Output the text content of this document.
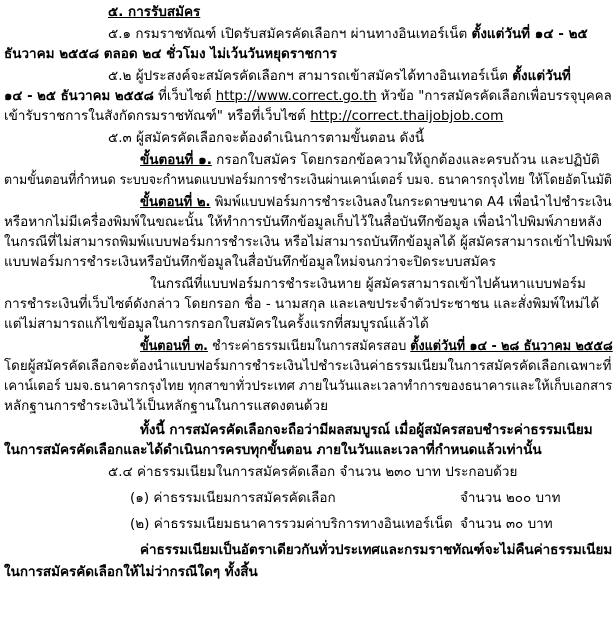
๕. การรับสมัคร
๕.๑ กรมราชทัณฑ์ เปิดรับสมัครคัดเลือกฯ ผ่านทางอินเทอร์เน็ต ตั้งแต่วันที่ ๑๔ - ๒๕
ธันวาคม ๒๕๕๘ ตลอด ๒๔ ชั่วโมง ไม่เว้นวันหยุดราชการ
๕.๒ ผู้ประสงค์จะสมัครคัดเลือกฯ สามารถเข้าสมัครได้ทางอินเทอร์เน็ต ตั้งแต่วันที่
๑๔ - ๒๕ ธันวาคม ๒๕๕๘ ที่เว็บไซต์ http://www.correct.go.th หัวข้อ "การสมัครคัดเลือกเพื่อบรรจุบุคคล
เข้ารับราชการในสังกัดกรมราชทัณฑ์" หรือที่เว็บไซต์ http://correct.thaijobjob.com
๕.๓ ผู้สมัครคัดเลือกจะต้องดำเนินการตามขั้นตอน ดังนี้
ขั้นตอนที่ ๑. กรอกใบสมัคร โดยกรอกข้อความให้ถูกต้องและครบถ้วน และปฏิบัติ
ตามขั้นตอนที่กำหนด ระบบจะกำหนดแบบฟอร์มการชำระเงินผ่านเคาน์เตอร์ บมจ. ธนาคารกรุงไทย ให้โดยอัตโนมัติ
ขั้นตอนที่ ๒. พิมพ์แบบฟอร์มการชำระเงินลงในกระดาษขนาด A4 เพื่อนำไปชำระเงิน
หรือหากไม่มีเครื่องพิมพ์ในขณะนั้น ให้ทำการบันทึกข้อมูลเก็บไว้ในสื่อบันทึกข้อมูล เพื่อนำไปพิมพ์ภายหลัง
ในกรณีที่ไม่สามารถพิมพ์แบบฟอร์มการชำระเงิน หรือไม่สามารถบันทึกข้อมูลได้ ผู้สมัครสามารถเข้าไปพิมพ์
แบบฟอร์มการชำระเงินหรือบันทึกข้อมูลในสื่อบันทึกข้อมูลใหม่จนกว่าจะปิดระบบสมัคร
ในกรณีที่แบบฟอร์มการชำระเงินหาย ผู้สมัครสามารถเข้าไปค้นหาแบบฟอร์ม
การชำระเงินที่เว็บไซต์ดังกล่าว โดยกรอก ชื่อ - นามสกุล และเลขประจำตัวประชาชน และสั่งพิมพ์ใหม่ได้
แต่ไม่สามารถแก้ไขข้อมูลในการกรอกใบสมัครในครั้งแรกที่สมบูรณ์แล้วได้
ขั้นตอนที่ ๓. ชำระค่าธรรมเนียมในการสมัครสอบ ตั้งแต่วันที่ ๑๔ - ๒๘ ธันวาคม ๒๕๕๘
โดยผู้สมัครคัดเลือกจะต้องนำแบบฟอร์มการชำระเงินไปชำระเงินค่าธรรมเนียมในการสมัครคัดเลือกเฉพาะที่
เคาน์เตอร์ บมจ.ธนาคารกรุงไทย ทุกสาขาทั่วประเทศ ภายในวันและเวลาทำการของธนาคารและให้เก็บเอกสาร
หลักฐานการชำระเงินไว้เป็นหลักฐานในการแสดงตนด้วย
ทั้งนี้ การสมัครคัดเลือกจะถือว่ามีผลสมบูรณ์ เมื่อผู้สมัครสอบชำระค่าธรรมเนียม
ในการสมัครคัดเลือกและได้ดำเนินการครบทุกขั้นตอน ภายในวันและเวลาที่กำหนดแล้วเท่านั้น
๕.๔ ค่าธรรมเนียมในการสมัครคัดเลือก จำนวน ๒๓๐ บาท ประกอบด้วย
(๑) ค่าธรรมเนียมการสมัครคัดเลือก	จำนวน ๒๐๐ บาท
(๒) ค่าธรรมเนียมธนาคารรวมค่าบริการทางอินเทอร์เน็ต จำนวน ๓๐ บาท
ค่าธรรมเนียมเป็นอัตราเดียวกันทั่วประเทศและกรมราชทัณฑ์จะไม่คืนค่าธรรมเนียม
ในการสมัครคัดเลือกให้ไม่ว่ากรณีใดๆ ทั้งสิ้น
